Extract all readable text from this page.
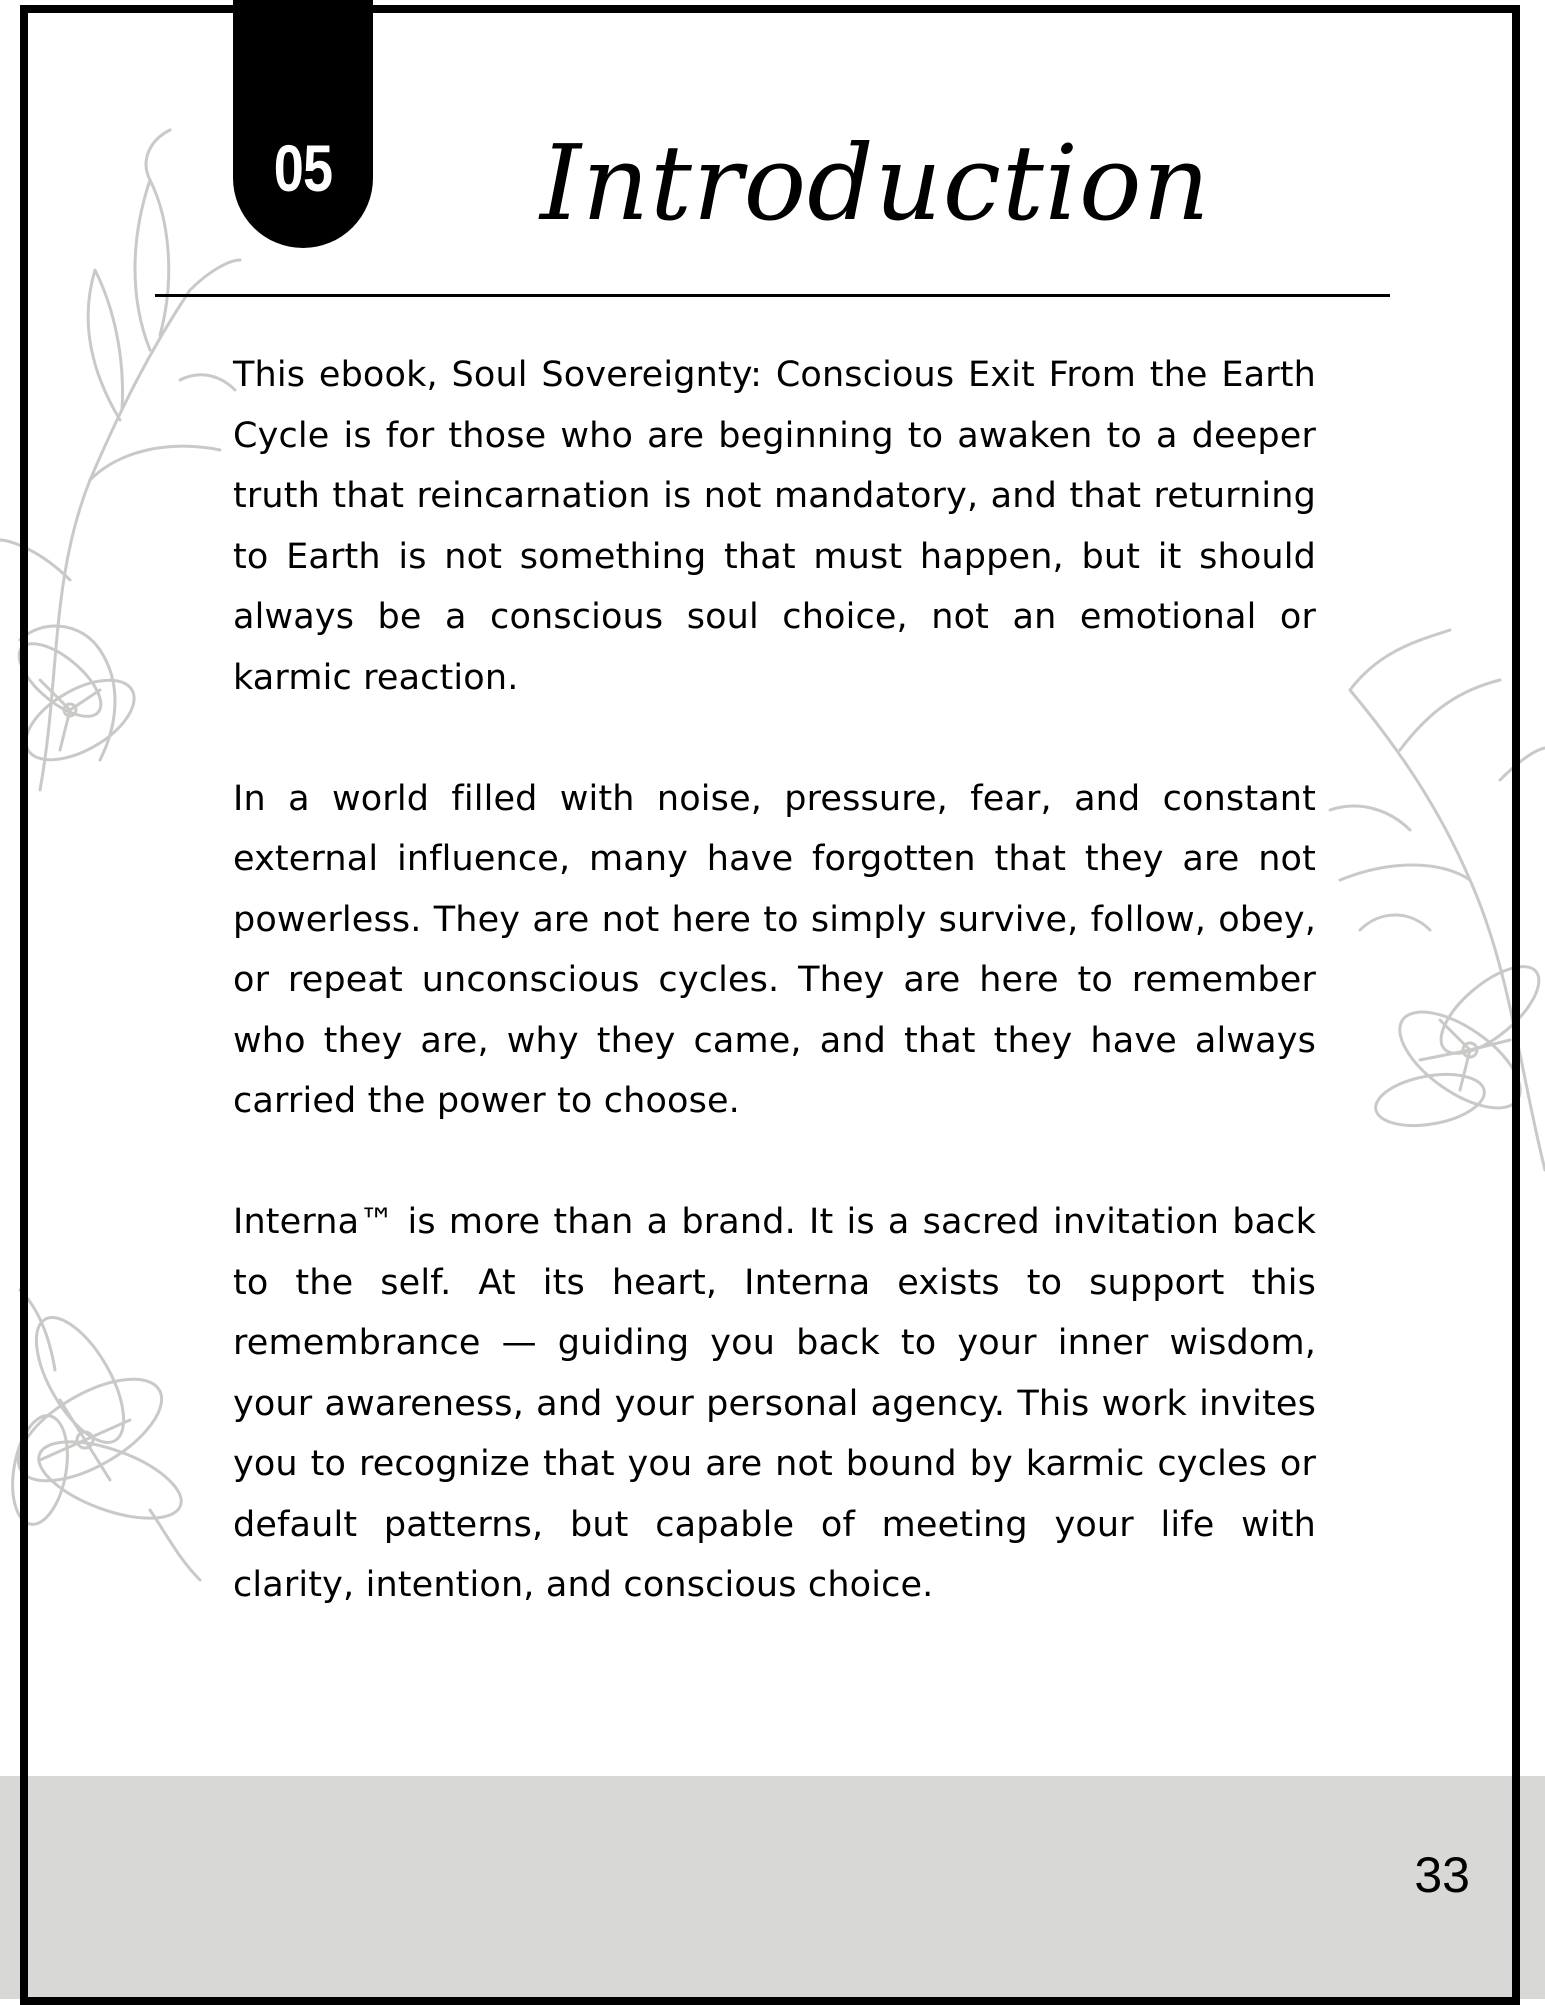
05 Introduction

This ebook, Soul Sovereignty: Conscious Exit From the Earth Cycle is for those who are beginning to awaken to a deeper truth that reincarnation is not mandatory, and that returning to Earth is not something that must happen, but it should always be a conscious soul choice, not an emotional or karmic reaction.

In a world filled with noise, pressure, fear, and constant external influence, many have forgotten that they are not powerless. They are not here to simply survive, follow, obey, or repeat unconscious cycles. They are here to remember who they are, why they came, and that they have always carried the power to choose.

Interna™ is more than a brand. It is a sacred invitation back to the self. At its heart, Interna exists to support this remembrance — guiding you back to your inner wisdom, your awareness, and your personal agency. This work invites you to recognize that you are not bound by karmic cycles or default patterns, but capable of meeting your life with clarity, intention, and conscious choice.

33
